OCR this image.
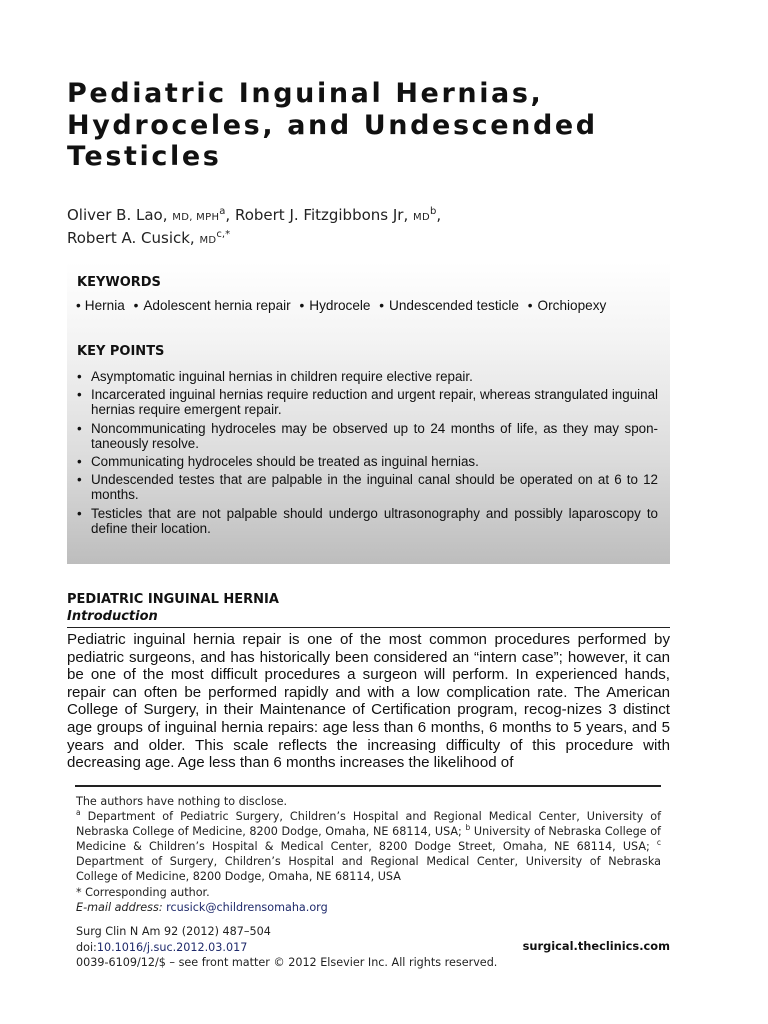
Pediatric Inguinal Hernias,
Hydroceles, and Undescended
Testicles
Oliver B. Lao, MD, MPH$^a$, Robert J. Fitzgibbons Jr, $MD^b$,
Robert A. Cusick, $MD^{c,*}$
KEYWORDS
• Hernia • Adolescent hernia repair • Hydrocele • Undescended testicle • Orchiopexy
KEY POINTS
• Asymptomatic inguinal hernias in children require elective repair.
• Incarcerated inguinal hernias require reduction and urgent repair, whereas strangulated inguinal hernias require emergent repair.
• Noncommunicating hydroceles may be observed up to 24 months of life, as they may spon-taneously resolve.
• Communicating hydroceles should be treated as inguinal hernias.
• Undescended testes that are palpable in the inguinal canal should be operated on at 6 to 12 months.
• Testicles that are not palpable should undergo ultrasonography and possibly laparoscopy to define their location.
PEDIATRIC INGUINAL HERNIA
Introduction

Pediatric inguinal hernia repair is one of the most common procedures performed by pediatric surgeons, and has historically been considered an “intern case”; however, it can be one of the most difficult procedures a surgeon will perform. In experienced hands, repair can often be performed rapidly and with a low complication rate. The American College of Surgery, in their Maintenance of Certification program, recog-nizes 3 distinct age groups of inguinal hernia repairs: age less than 6 months, 6 months to 5 years, and 5 years and older. This scale reflects the increasing difficulty of this procedure with decreasing age. Age less than 6 months increases the likelihood of

The authors have nothing to disclose.

$^a$ Department of Pediatric Surgery, Children’s Hospital and Regional Medical Center, University of Nebraska College of Medicine, 8200 Dodge, Omaha, NE 68114, USA; $^b$ University of Nebraska College of Medicine & Children’s Hospital & Medical Center, 8200 Dodge Street, Omaha, NE 68114, USA; $^c$ Department of Surgery, Children’s Hospital and Regional Medical Center, University of Nebraska College of Medicine, 8200 Dodge, Omaha, NE 68114, USA

* Corresponding author.

E-mail address: rcusick@childrensomaha.org

Surg Clin N Am 92 (2012) 487–504

doi:10.1016/j.suc.2012.03.017

0039-6109/12/$ – see front matter © 2012 Elsevier Inc. All rights reserved.

surgical.theclinics.com
